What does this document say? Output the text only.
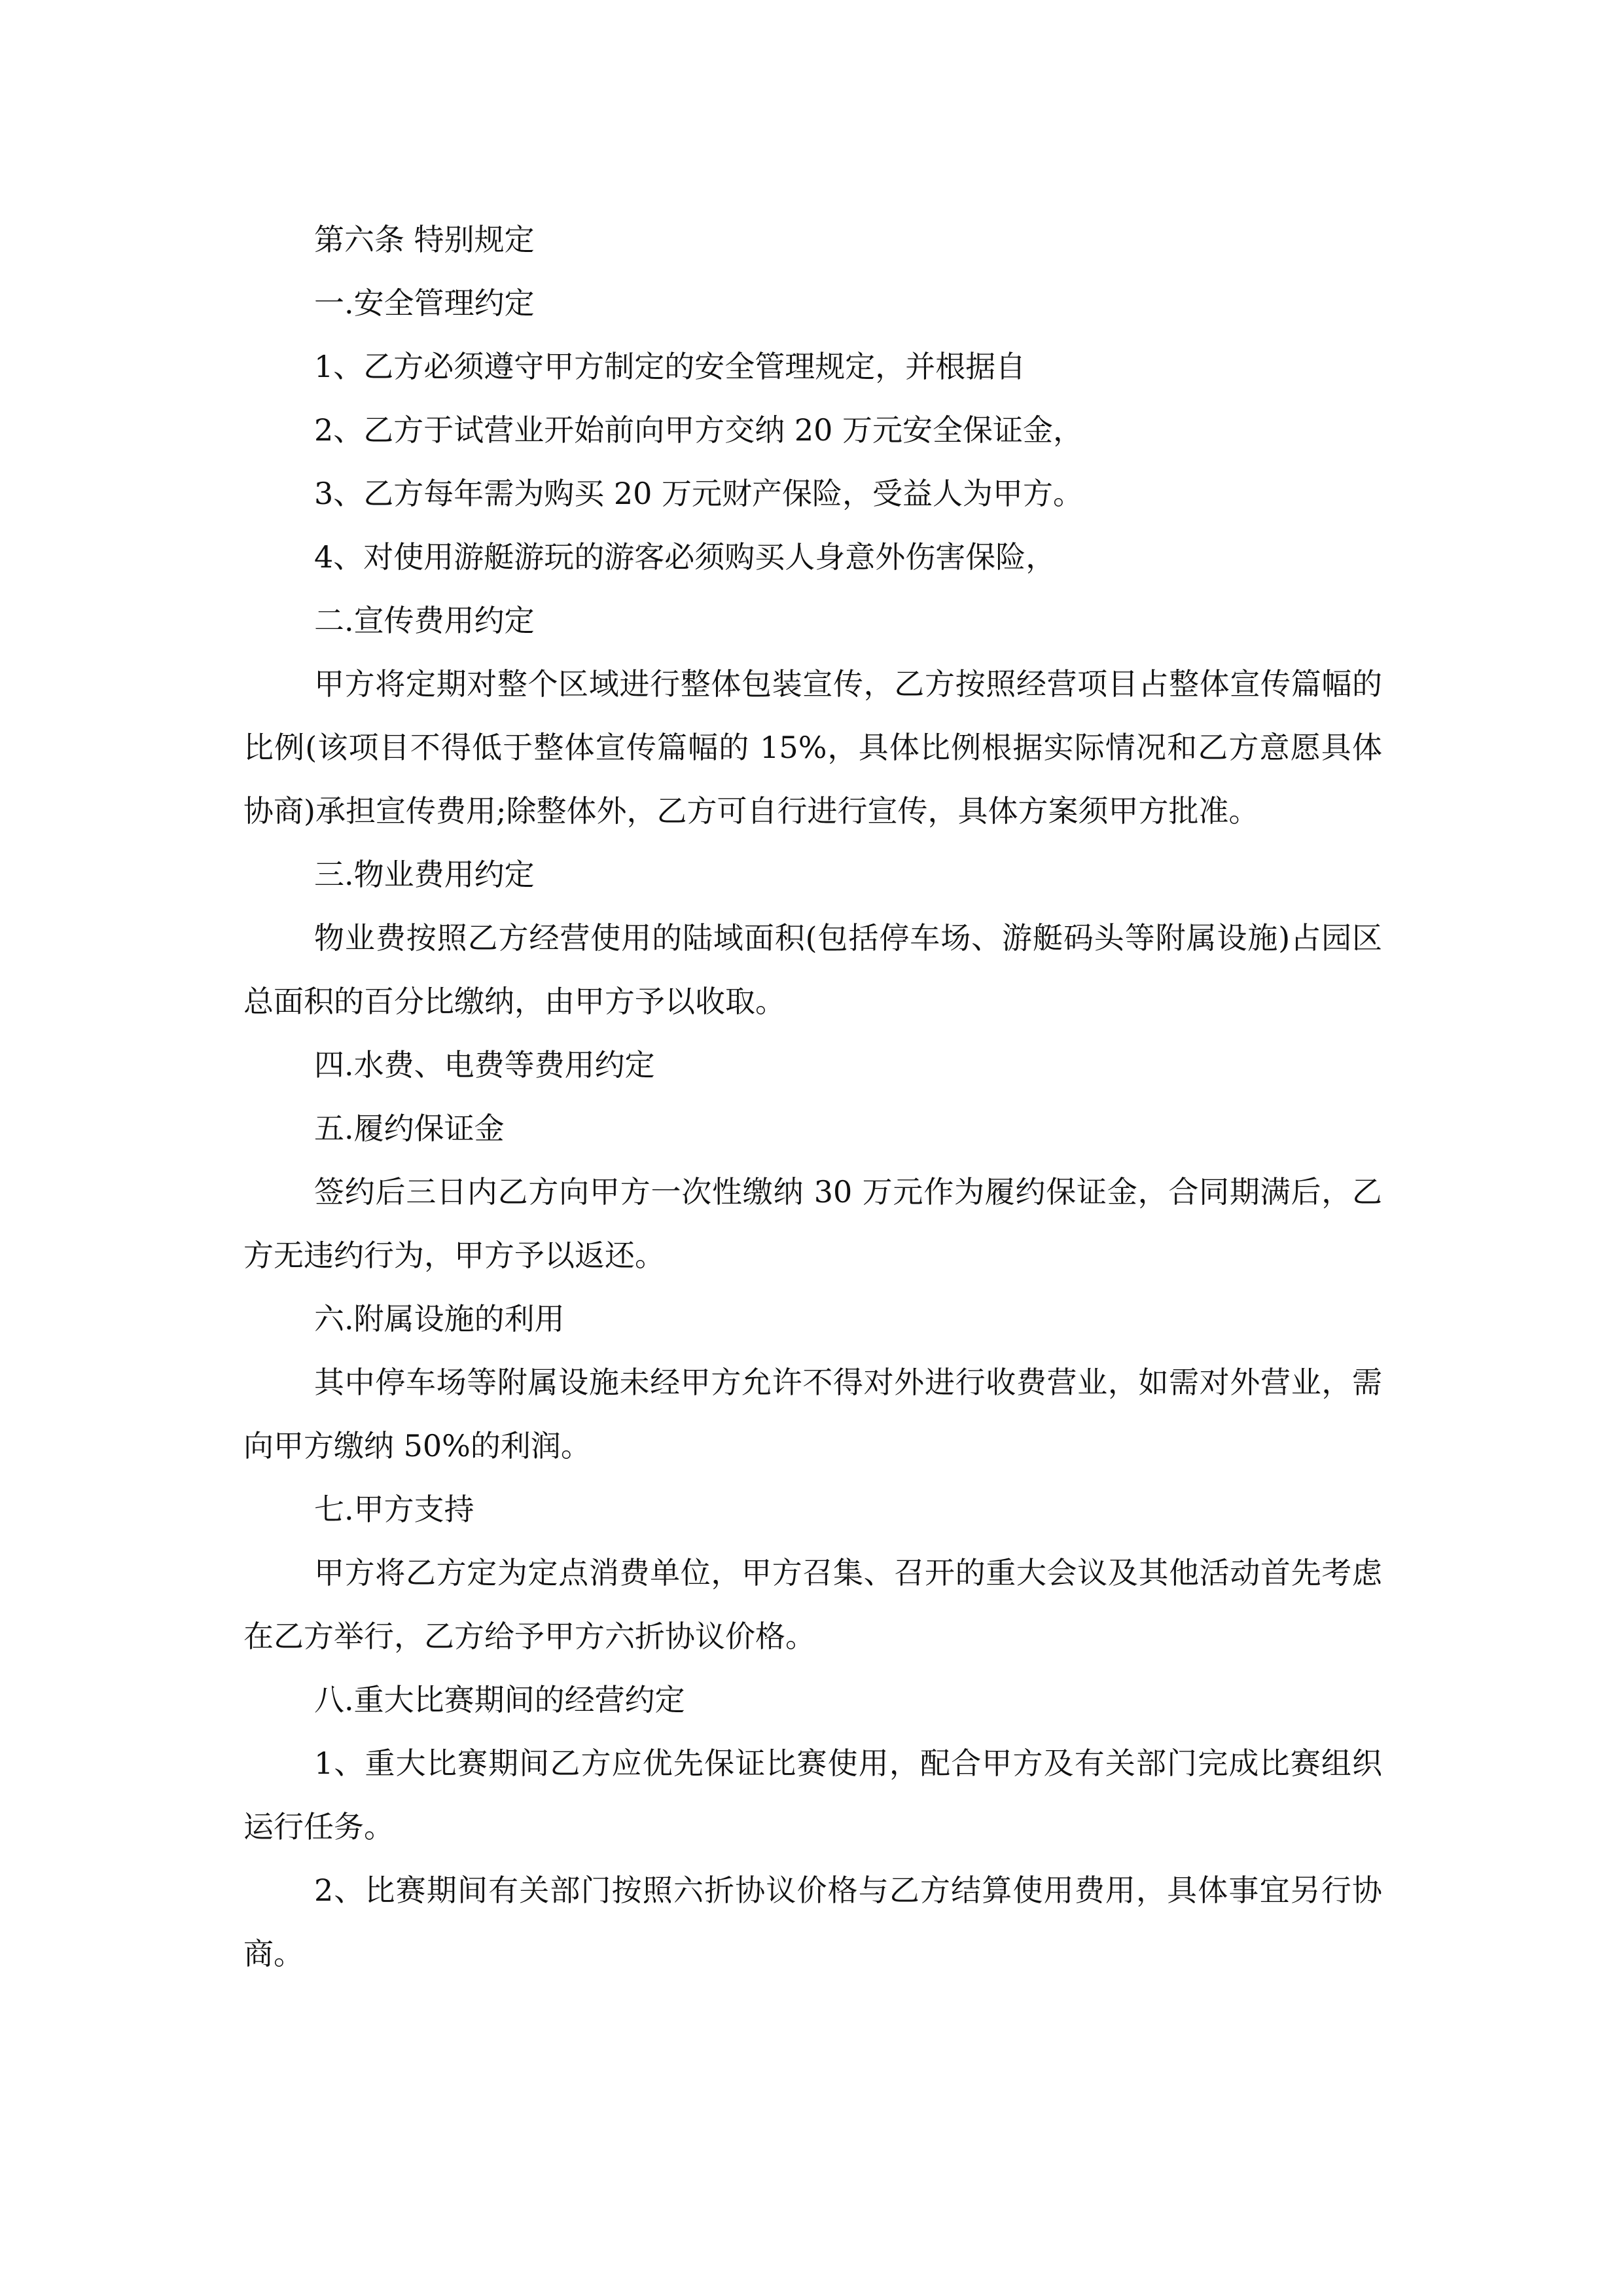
第六条 特别规定

一.安全管理约定

1、乙方必须遵守甲方制定的安全管理规定，并根据自

2、乙方于试营业开始前向甲方交纳 20 万元安全保证金，

3、乙方每年需为购买 20 万元财产保险，受益人为甲方。

4、对使用游艇游玩的游客必须购买人身意外伤害保险，

二.宣传费用约定

甲方将定期对整个区域进行整体包装宣传，乙方按照经营项目占整体宣传篇幅的比例(该项目不得低于整体宣传篇幅的 15%，具体比例根据实际情况和乙方意愿具体协商)承担宣传费用;除整体外，乙方可自行进行宣传，具体方案须甲方批准。

三.物业费用约定

物业费按照乙方经营使用的陆域面积(包括停车场、游艇码头等附属设施)占园区总面积的百分比缴纳，由甲方予以收取。

四.水费、电费等费用约定

五.履约保证金

签约后三日内乙方向甲方一次性缴纳 30 万元作为履约保证金，合同期满后，乙方无违约行为，甲方予以返还。

六.附属设施的利用

其中停车场等附属设施未经甲方允许不得对外进行收费营业，如需对外营业，需向甲方缴纳 50%的利润。

七.甲方支持

甲方将乙方定为定点消费单位，甲方召集、召开的重大会议及其他活动首先考虑在乙方举行，乙方给予甲方六折协议价格。

八.重大比赛期间的经营约定

1、重大比赛期间乙方应优先保证比赛使用，配合甲方及有关部门完成比赛组织运行任务。

2、比赛期间有关部门按照六折协议价格与乙方结算使用费用，具体事宜另行协商。
